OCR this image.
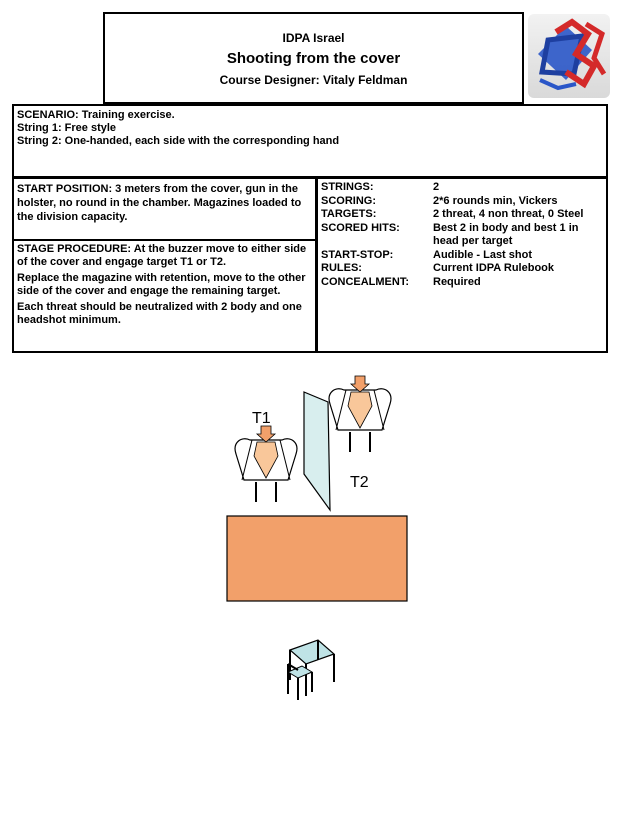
IDPA Israel
Shooting from the cover
Course Designer: Vitaly Feldman
SCENARIO: Training exercise.
String 1: Free style
String 2: One-handed, each side with the corresponding hand
START POSITION: 3 meters from the cover, gun in the holster, no round in the chamber. Magazines loaded to the division capacity.

STAGE PROCEDURE: At the buzzer move to either side of the cover and engage target T1 or T2.

Replace the magazine with retention, move to the other side of the cover and engage the remaining target.

Each threat should be neutralized with 2 body and one headshot minimum.

STRINGS:	2
SCORING:	2*6 rounds min, Vickers
TARGETS:	2 threat, 4 non threat, 0 Steel
SCORED HITS:	Best 2 in body and best 1 in head per target
START-STOP:	Audible - Last shot
RULES:	Current IDPA Rulebook
CONCEALMENT:	Required
T1
T2
